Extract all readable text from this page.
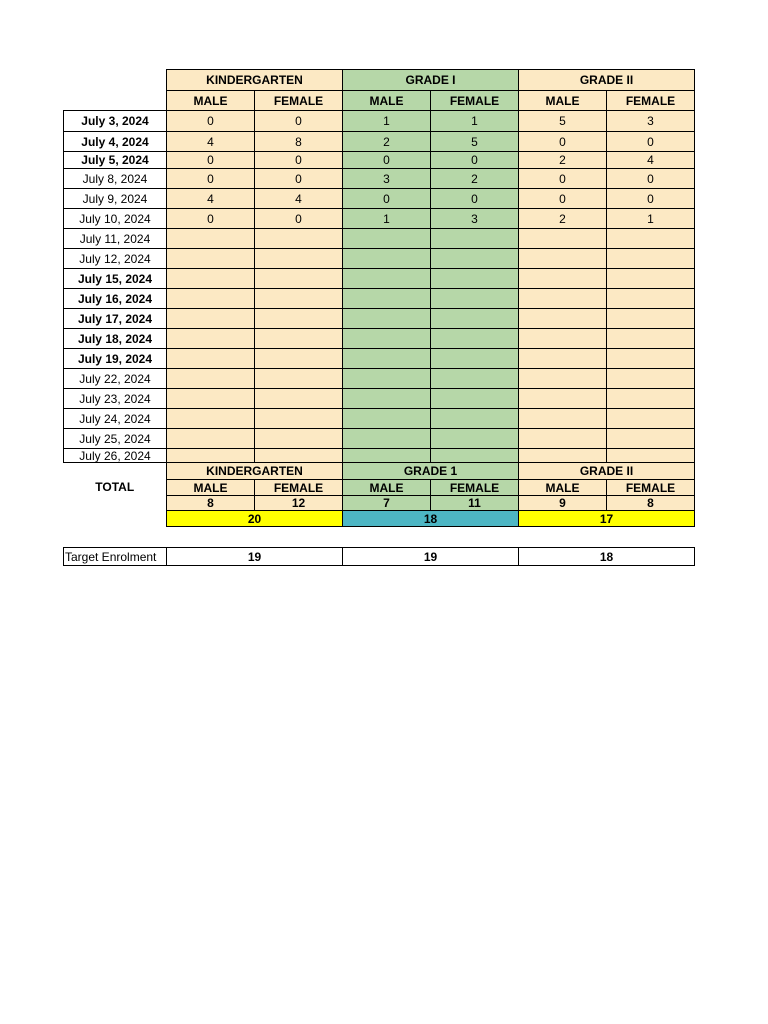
	KINDERGARTEN		GRADE I		GRADE II	
	MALE	FEMALE	MALE	FEMALE	MALE	FEMALE
July 3, 2024	0	0	1	1	5	3
July 4, 2024	4	8	2	5	0	0
July 5, 2024	0	0	0	0	2	4
July 8, 2024	0	0	3	2	0	0
July 9, 2024	4	4	0	0	0	0
July 10, 2024	0	0	1	3	2	1
July 11, 2024						
July 12, 2024						
July 15, 2024						
July 16, 2024						
July 17, 2024						
July 18, 2024						
July 19, 2024						
July 22, 2024						
July 23, 2024						
July 24, 2024						
July 25, 2024						
July 26, 2024						
TOTAL	KINDERGARTEN		GRADE 1		GRADE II	
	MALE	FEMALE	MALE	FEMALE	MALE	FEMALE
	8	12	7	11	9	8
	20		18		17	
Target Enrolment	19	19	18
